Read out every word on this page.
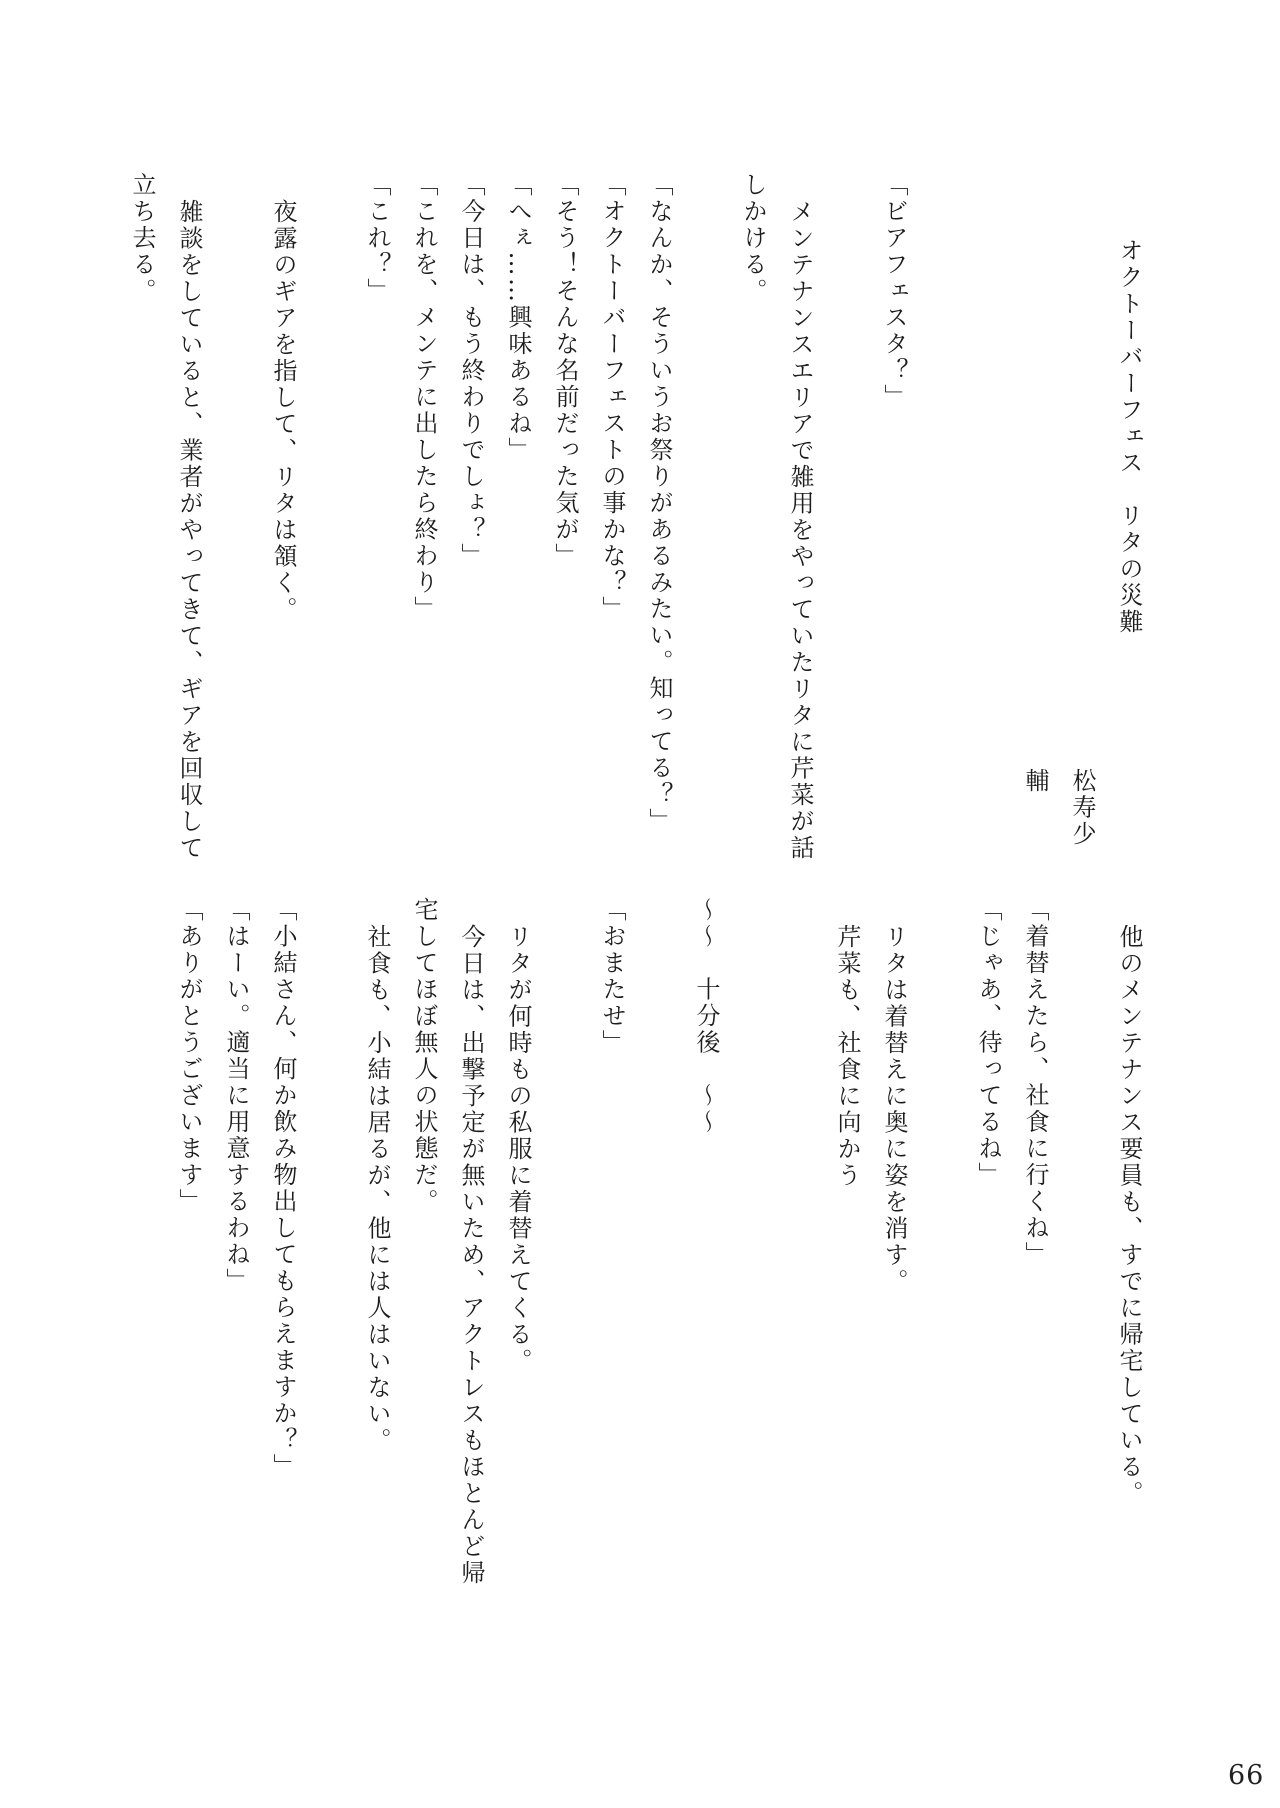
オクトーバーフェス　リタの災難
松寿少輔

「ビアフェスタ？」

メンテナンスエリアで雑用をやっていたリタに芹菜が話
しかける。

「なんか、そういうお祭りがあるみたい。知ってる？」
「オクトーバーフェストの事かな？」
「そう！そんな名前だった気が」
「へぇ……興味あるね」
「今日は、もう終わりでしょ？」
「これを、メンテに出したら終わり」
「これ？」

夜露のギアを指して、リタは頷く。

雑談をしていると、業者がやってきて、ギアを回収して
立ち去る。
他のメンテナンス要員も、すでに帰宅している。

「着替えたら、社食に行くね」
「じゃあ、待ってるね」

リタは着替えに奥に姿を消す。
芹菜も、社食に向かう

〜〜　十分後　〜〜

「おまたせ」

リタが何時もの私服に着替えてくる。
今日は、出撃予定が無いため、アクトレスもほとんど帰
宅してほぼ無人の状態だ。
社食も、小結は居るが、他には人はいない。

「小結さん、何か飲み物出してもらえますか？」
「はーい。適当に用意するわね」
「ありがとうございます」
66
